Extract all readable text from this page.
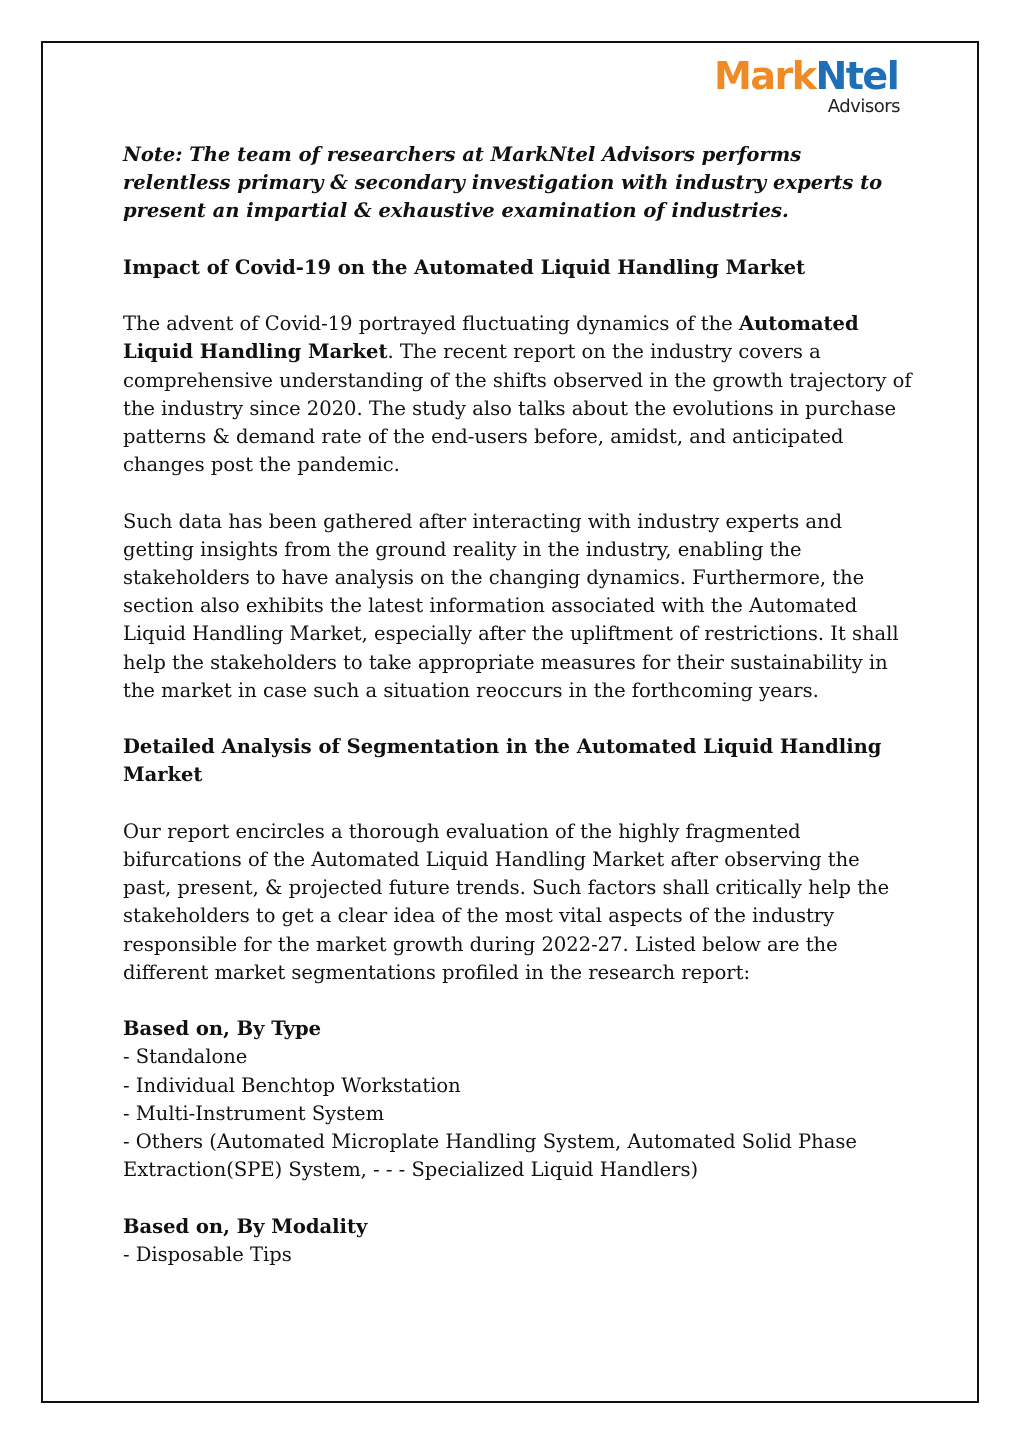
MarkNtel
Advisors

Note: The team of researchers at MarkNtel Advisors performs relentless primary & secondary investigation with industry experts to present an impartial & exhaustive examination of industries.

Impact of Covid-19 on the Automated Liquid Handling Market

The advent of Covid-19 portrayed fluctuating dynamics of the Automated Liquid Handling Market. The recent report on the industry covers a comprehensive understanding of the shifts observed in the growth trajectory of the industry since 2020. The study also talks about the evolutions in purchase patterns & demand rate of the end-users before, amidst, and anticipated changes post the pandemic.

Such data has been gathered after interacting with industry experts and getting insights from the ground reality in the industry, enabling the stakeholders to have analysis on the changing dynamics. Furthermore, the section also exhibits the latest information associated with the Automated Liquid Handling Market, especially after the upliftment of restrictions. It shall help the stakeholders to take appropriate measures for their sustainability in the market in case such a situation reoccurs in the forthcoming years.

Detailed Analysis of Segmentation in the Automated Liquid Handling Market

Our report encircles a thorough evaluation of the highly fragmented bifurcations of the Automated Liquid Handling Market after observing the past, present, & projected future trends. Such factors shall critically help the stakeholders to get a clear idea of the most vital aspects of the industry responsible for the market growth during 2022-27. Listed below are the different market segmentations profiled in the research report:

Based on, By Type
- Standalone
- Individual Benchtop Workstation
- Multi-Instrument System
- Others (Automated Microplate Handling System, Automated Solid Phase Extraction(SPE) System, - - - Specialized Liquid Handlers)
Based on, By Modality
- Disposable Tips
